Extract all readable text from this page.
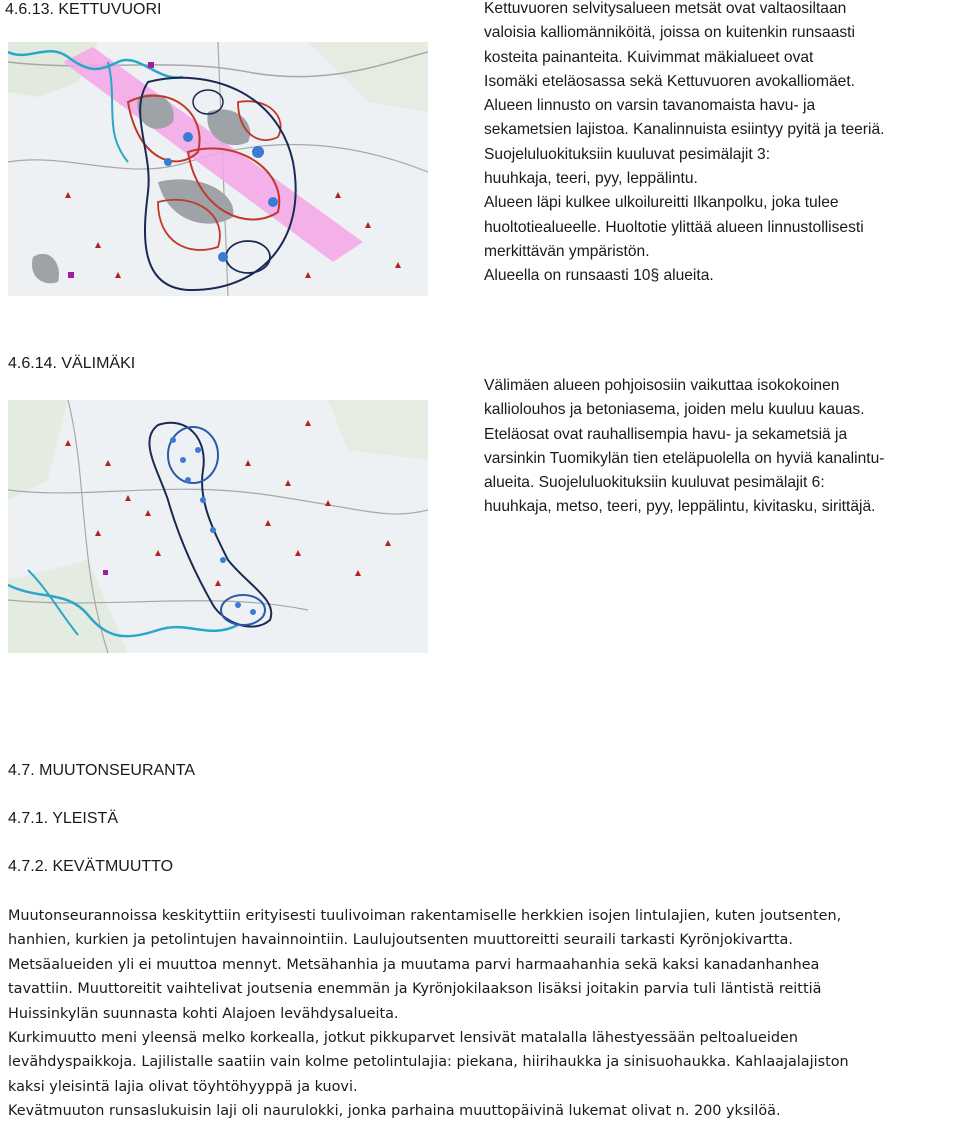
4.6.13. KETTUVUORI	Kettuvuoren selvitysalueen metsät ovat valtaosiltaan
valoisia kalliomänniköitä, joissa on kuitenkin runsaasti
kosteita painanteita. Kuivimmat mäkialueet ovat
Isomäki eteläosassa sekä Kettuvuoren avokalliomäet.
Alueen linnusto on varsin tavanomaista havu- ja
sekametsien lajistoa. Kanalinnuista esiintyy pyitä ja teeriä.
Suojeluluokituksiin kuuluvat pesimälajit 3:
huuhkaja, teeri, pyy, leppälintu.
Alueen läpi kulkee ulkoilureitti Ilkanpolku, joka tulee
huoltotiealueelle. Huoltotie ylittää alueen linnustollisesti
merkittävän ympäristön.
Alueella on runsaasti 10§ alueita.
4.6.14. VÄLIMÄKI
Välimäen alueen pohjoisosiin vaikuttaa isokokoinen
kalliolouhos ja betoniasema, joiden melu kuuluu kauas.
Eteläosat ovat rauhallisempia havu- ja sekametsiä ja
varsinkin Tuomikylän tien eteläpuolella on hyviä kanalintu-
alueita. Suojeluluokituksiin kuuluvat pesimälajit 6:
huuhkaja, metso, teeri, pyy, leppälintu, kivitasku, sirittäjä.
4.7. MUUTONSEURANTA
4.7.1. YLEISTÄ
4.7.2. KEVÄTMUUTTO
Muutonseurannoissa keskityttiin erityisesti tuulivoiman rakentamiselle herkkien isojen lintulajien, kuten joutsenten,
hanhien, kurkien ja petolintujen havainnointiin. Laulujoutsenten muuttoreitti seuraili tarkasti Kyrönjokivartta.
Metsäalueiden yli ei muuttoa mennyt. Metsähanhia ja muutama parvi harmaahanhia sekä kaksi kanadanhanhea
tavattiin. Muuttoreitit vaihtelivat joutsenia enemmän ja Kyrönjokilaakson lisäksi joitakin parvia tuli läntistä reittiä
Huissinkylän suunnasta kohti Alajoen levähdysalueita.
Kurkimuutto meni yleensä melko korkealla, jotkut pikkuparvet lensivät matalalla lähestyessään peltoalueiden
levähdyspaikkoja. Lajilistalle saatiin vain kolme petolintulajia: piekana, hiirihaukka ja sinisuohaukka. Kahlaajalajiston
kaksi yleisintä lajia olivat töyhtöhyyppä ja kuovi.
Kevätmuuton runsaslukuisin laji oli naurulokki, jonka parhaina muuttopäivinä lukemat olivat n. 200 yksilöä.
